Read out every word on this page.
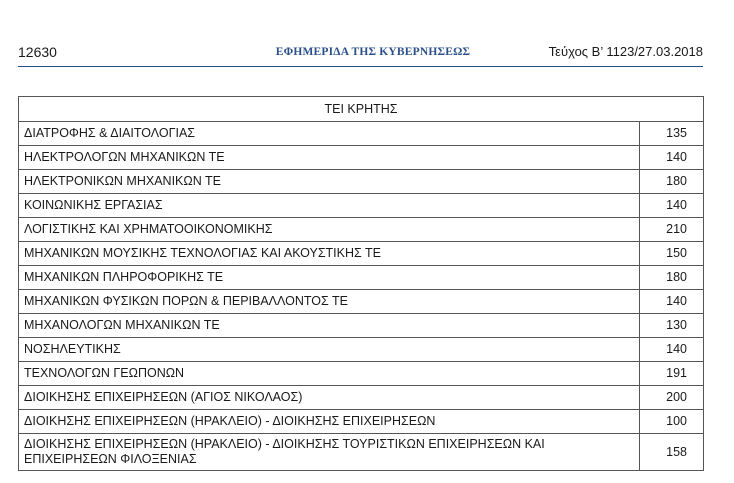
12630	ΕΦΗΜΕΡΙΔΑ ΤΗΣ ΚΥΒΕΡΝΗΣΕΩΣ	Τεύχος Β’ 1123/27.03.2018
ΤΕΙ ΚΡΗΤΗΣ	
ΔΙΑΤΡΟΦΗΣ & ΔΙΑΙΤΟΛΟΓΙΑΣ	135
ΗΛΕΚΤΡΟΛΟΓΩΝ ΜΗΧΑΝΙΚΩΝ ΤΕ	140
ΗΛΕΚΤΡΟΝΙΚΩΝ ΜΗΧΑΝΙΚΩΝ ΤΕ	180
ΚΟΙΝΩΝΙΚΗΣ ΕΡΓΑΣΙΑΣ	140
ΛΟΓΙΣΤΙΚΗΣ ΚΑΙ ΧΡΗΜΑΤΟΟΙΚΟΝΟΜΙΚΗΣ	210
ΜΗΧΑΝΙΚΩΝ ΜΟΥΣΙΚΗΣ ΤΕΧΝΟΛΟΓΙΑΣ ΚΑΙ ΑΚΟΥΣΤΙΚΗΣ ΤΕ	150
ΜΗΧΑΝΙΚΩΝ ΠΛΗΡΟΦΟΡΙΚΗΣ ΤΕ	180
ΜΗΧΑΝΙΚΩΝ ΦΥΣΙΚΩΝ ΠΟΡΩΝ & ΠΕΡΙΒΑΛΛΟΝΤΟΣ ΤΕ	140
ΜΗΧΑΝΟΛΟΓΩΝ ΜΗΧΑΝΙΚΩΝ ΤΕ	130
ΝΟΣΗΛΕΥΤΙΚΗΣ	140
ΤΕΧΝΟΛΟΓΩΝ ΓΕΩΠΟΝΩΝ	191
ΔΙΟΙΚΗΣΗΣ ΕΠΙΧΕΙΡΗΣΕΩΝ (ΑΓΙΟΣ ΝΙΚΟΛΑΟΣ)	200
ΔΙΟΙΚΗΣΗΣ ΕΠΙΧΕΙΡΗΣΕΩΝ (ΗΡΑΚΛΕΙΟ) - ΔΙΟΙΚΗΣΗΣ ΕΠΙΧΕΙΡΗΣΕΩΝ	100
ΔΙΟΙΚΗΣΗΣ ΕΠΙΧΕΙΡΗΣΕΩΝ (ΗΡΑΚΛΕΙΟ) - ΔΙΟΙΚΗΣΗΣ ΤΟΥΡΙΣΤΙΚΩΝ ΕΠΙΧΕΙΡΗΣΕΩΝ ΚΑΙ ΕΠΙΧΕΙΡΗΣΕΩΝ ΦΙΛΟΞΕΝΙΑΣ	158
